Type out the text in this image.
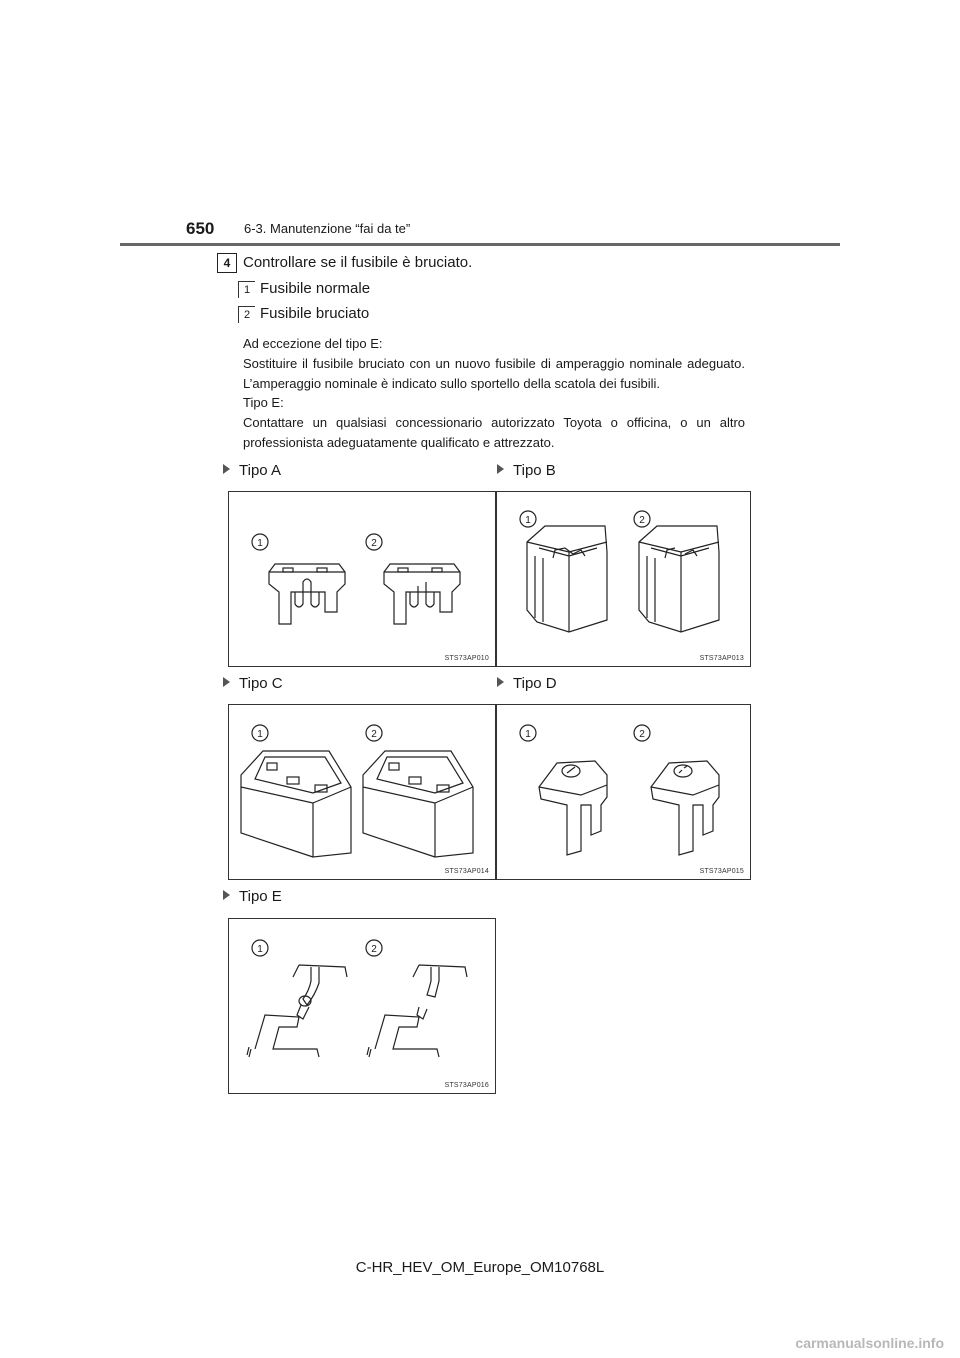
650 6-3. Manutenzione “fai da te”
4 Controllare se il fusibile è bruciato.
1 Fusibile normale
2 Fusibile bruciato
Ad eccezione del tipo E:
Sostituire il fusibile bruciato con un nuovo fusibile di amperaggio nominale adeguato. L’amperaggio nominale è indicato sullo sportello della scatola dei fusibili.
Tipo E:
Contattare un qualsiasi concessionario autorizzato Toyota o officina, o un altro professionista adeguatamente qualificato e attrezzato.
Tipo A	Tipo B
Tipo C	Tipo D
Tipo E
1	2
STS73AP010
1	2
STS73AP013
1	2
STS73AP014
1	2
STS73AP015
1	2
STS73AP016
C-HR_HEV_OM_Europe_OM10768L
carmanualsonline.info
